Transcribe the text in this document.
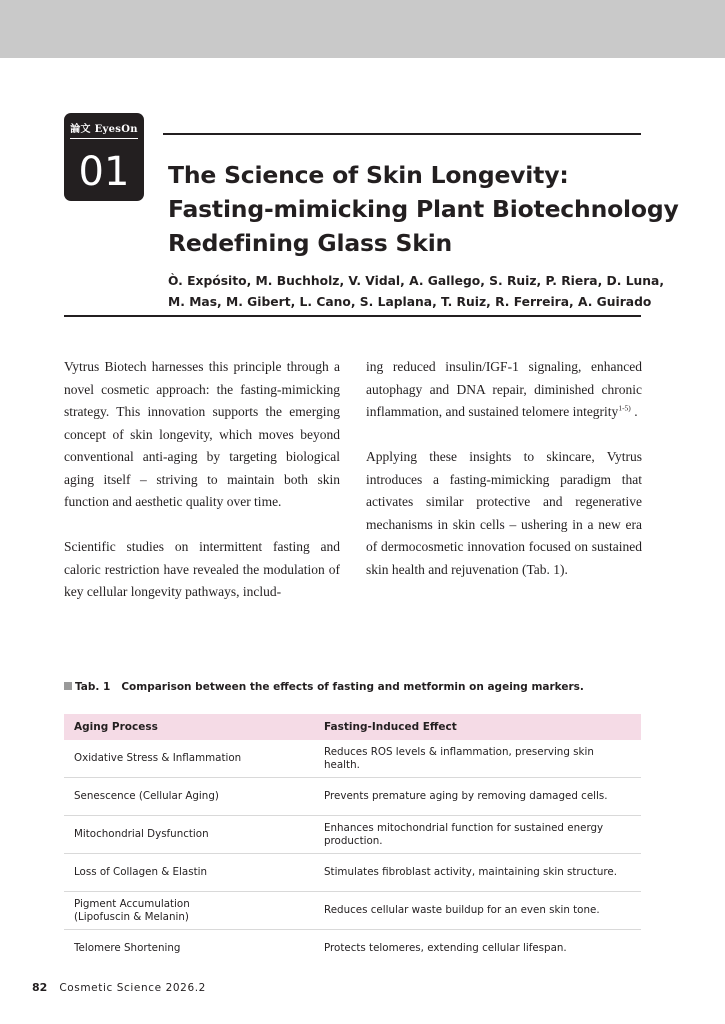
論文 EyesOn
01	The Science of Skin Longevity:
Fasting-mimicking Plant Biotechnology
Redefining Glass Skin
Ò. Expósito, M. Buchholz, V. Vidal, A. Gallego, S. Ruiz, P. Riera, D. Luna,
M. Mas, M. Gibert, L. Cano, S. Laplana, T. Ruiz, R. Ferreira, A. Guirado

Vytrus Biotech harnesses this principle through a novel cosmetic approach: the fasting-mimicking strategy. This innovation supports the emerging concept of skin longevity, which moves beyond conventional anti-aging by targeting biological aging itself – striving to maintain both skin function and aesthetic quality over time.

Scientific studies on intermittent fasting and caloric restriction have revealed the modulation of key cellular longevity pathways, includ-

ing reduced insulin/IGF-1 signaling, enhanced autophagy and DNA repair, diminished chronic inflammation, and sustained telomere integrity$^{1-5)}$ .

Applying these insights to skincare, Vytrus introduces a fasting-mimicking paradigm that activates similar protective and regenerative mechanisms in skin cells – ushering in a new era of dermocosmetic innovation focused on sustained skin health and rejuvenation (Tab. 1).

Tab. 1 Comparison between the effects of fasting and metformin on ageing markers.
Aging Process	Fasting-Induced Effect
Oxidative Stress & Inflammation	Reduces ROS levels & inflammation, preserving skin health.
Senescence (Cellular Aging)	Prevents premature aging by removing damaged cells.
Mitochondrial Dysfunction	Enhances mitochondrial function for sustained energy production.
Loss of Collagen & Elastin	Stimulates fibroblast activity, maintaining skin structure.
Pigment Accumulation
(Lipofuscin & Melanin)	Reduces cellular waste buildup for an even skin tone.
Telomere Shortening	Protects telomeres, extending cellular lifespan.
82 Cosmetic Science 2026.2
